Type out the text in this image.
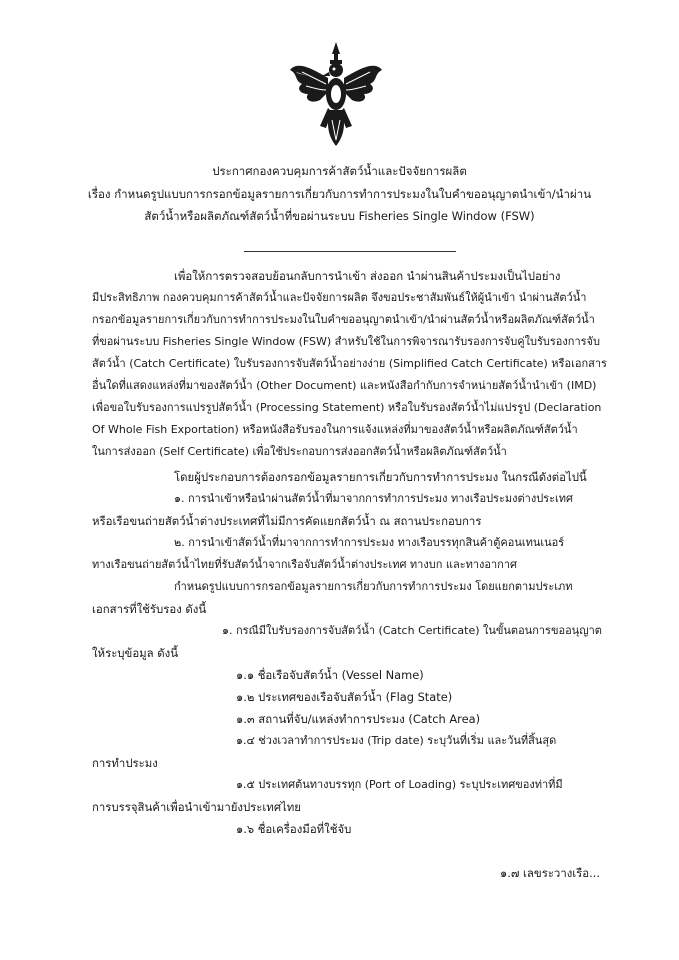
ประกาศกองควบคุมการค้าสัตว์น้ำและปัจจัยการผลิต
เรื่อง กำหนดรูปแบบการกรอกข้อมูลรายการเกี่ยวกับการทำการประมงในใบคำขออนุญาตนำเข้า/นำผ่าน
สัตว์น้ำหรือผลิตภัณฑ์สัตว์น้ำที่ขอผ่านระบบ Fisheries Single Window (FSW)
เพื่อให้การตรวจสอบย้อนกลับการนำเข้า ส่งออก นำผ่านสินค้าประมงเป็นไปอย่าง
มีประสิทธิภาพ กองควบคุมการค้าสัตว์น้ำและปัจจัยการผลิต จึงขอประชาสัมพันธ์ให้ผู้นำเข้า นำผ่านสัตว์น้ำ
กรอกข้อมูลรายการเกี่ยวกับการทำการประมงในใบคำขออนุญาตนำเข้า/นำผ่านสัตว์น้ำหรือผลิตภัณฑ์สัตว์น้ำ
ที่ขอผ่านระบบ Fisheries Single Window (FSW) สำหรับใช้ในการพิจารณารับรองการจับคู่ใบรับรองการจับ
สัตว์น้ำ (Catch Certificate) ใบรับรองการจับสัตว์น้ำอย่างง่าย (Simplified Catch Certificate) หรือเอกสาร
อื่นใดที่แสดงแหล่งที่มาของสัตว์น้ำ (Other Document) และหนังสือกำกับการจำหน่ายสัตว์น้ำนำเข้า (IMD)
เพื่อขอใบรับรองการแปรรูปสัตว์น้ำ (Processing Statement) หรือใบรับรองสัตว์น้ำไม่แปรรูป (Declaration
Of Whole Fish Exportation) หรือหนังสือรับรองในการแจ้งแหล่งที่มาของสัตว์น้ำหรือผลิตภัณฑ์สัตว์น้ำ
ในการส่งออก (Self Certificate) เพื่อใช้ประกอบการส่งออกสัตว์น้ำหรือผลิตภัณฑ์สัตว์น้ำ
โดยผู้ประกอบการต้องกรอกข้อมูลรายการเกี่ยวกับการทำการประมง ในกรณีดังต่อไปนี้
๑. การนำเข้าหรือนำผ่านสัตว์น้ำที่มาจากการทำการประมง ทางเรือประมงต่างประเทศ
หรือเรือขนถ่ายสัตว์น้ำต่างประเทศที่ไม่มีการคัดแยกสัตว์น้ำ ณ สถานประกอบการ
๒. การนำเข้าสัตว์น้ำที่มาจากการทำการประมง ทางเรือบรรทุกสินค้าตู้คอนเทนเนอร์
ทางเรือขนถ่ายสัตว์น้ำไทยที่รับสัตว์น้ำจากเรือจับสัตว์น้ำต่างประเทศ ทางบก และทางอากาศ
กำหนดรูปแบบการกรอกข้อมูลรายการเกี่ยวกับการทำการประมง โดยแยกตามประเภท
เอกสารที่ใช้รับรอง ดังนี้
๑. กรณีมีใบรับรองการจับสัตว์น้ำ (Catch Certificate) ในขั้นตอนการขออนุญาต
ให้ระบุข้อมูล ดังนี้
๑.๑ ชื่อเรือจับสัตว์น้ำ (Vessel Name)
๑.๒ ประเทศของเรือจับสัตว์น้ำ (Flag State)
๑.๓ สถานที่จับ/แหล่งทำการประมง (Catch Area)
๑.๔ ช่วงเวลาทำการประมง (Trip date) ระบุวันที่เริ่ม และวันที่สิ้นสุด
การทำประมง
๑.๕ ประเทศต้นทางบรรทุก (Port of Loading) ระบุประเทศของท่าที่มี
การบรรจุสินค้าเพื่อนำเข้ามายังประเทศไทย
๑.๖ ชื่อเครื่องมือที่ใช้จับ
๑.๗ เลขระวางเรือ...
